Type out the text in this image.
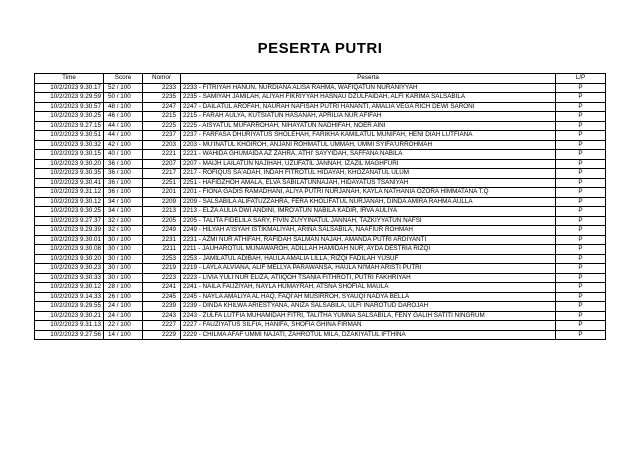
PESERTA PUTRI
Time	Score	Nomor	Peserta	L/P
10/2/2023 9.30.17	52 / 100	2233	2233 - FITRIYAH HANUN, NURDIANA ALISA RAHMA, WAFIQATUN NURANIYYAH	P
10/2/2023 9.29.59	50 / 100	2235	2235 - SAMIYAH JAMILAH, ALIYAH FIKRIYYAH HASNAU DZULFAIDAH, ALFI KARIMA SALSABILA	P
10/2/2023 9.30.57	48 / 100	2247	2247 - DAILATUL AROFAH, NAURAH NAFISAH PUTRI HANANTI, AMALIA VEGA RICH DEWI SARONI	P
10/2/2023 9.30.25	46 / 100	2215	2215 - FARAH AULYA, KUTSIATUN HASANAH, APRILIA NUR AFIFAH	P
10/2/2023 9.27.15	44 / 100	2225	2225 - AISYATUL MUFARROHAH, NIHAYATUN NADHIFAH, NOER AINI	P
10/2/2023 9.30.51	44 / 100	2237	2237 - FARFASA DHURIYATUS SHOLEHAH, FARIKHA KAMILATUL MUNIFAH, HENI DIAH LUTFIANA	P
10/2/2023 9.30.32	42 / 100	2203	2203 - MU'INATUL KHOIROH, ANJANI ROHMATUL UMMAH, UMMI SYIFA'URROHMAH	P
10/2/2023 9.30.15	40 / 100	2221	2221 - WAHIDA GHUMAIDA AZ ZAHRA, ATHI' SAYYIDAH, SAFFANA NABILA	P
10/2/2023 9.30.20	36 / 100	2207	2207 - MAIJH LAILATUN NAJIHAH, UZUFATIL JANNAH, IZAZIL MAGHFURI	P
10/2/2023 9.30.35	36 / 100	2217	2217 - ROFIQUS SA'ADAH, INDAH FITROTUL HIDAYAH, KHOZANATUL ULUM	P
10/2/2023 9.30.41	36 / 100	2251	2251 - HAFIDZHOH AMALA, ELVA SABILATUNNAJAH, HIDAYATUS TSANIYAH	P
10/2/2023 9.31.12	36 / 100	2201	2201 - FIONA GADIS RAMADHANI, ALIYA PUTRI NURJANAH, KAYLA NATHANIA OZORA HIMMATANA T.Q	P
10/2/2023 9.30.12	34 / 100	2209	2209 - SALSABILA ALIFATUZZAHRA, FERA KHOLIFATUL NURJANAH, DINDA AMIRA RAHMA AULLA	P
10/2/2023 9.30.25	34 / 100	2213	2213 - ELZA AULIA DWI ANDINI, IMRO'ATUN NABILA KADIR, IRVA AULIYA	P
10/2/2023 9.27.37	32 / 100	2205	2205 - TALITA FIDELILA SARY, FIVIN ZUYYINATUL JANNAH, TAZKIYYATUN NAFSI	P
10/2/2023 9.29.39	32 / 100	2249	2249 - HILYAH A'ISYAH ISTIKMALIYAH, ARINA SALSABILA, NAAFIUR ROHMAH	P
10/2/2023 9.30.01	30 / 100	2231	2231 - AZMI NUR ATHIFAH, RAFIDAH SALMAN NAJAH, AMANDA PUTRI ARDIYANTI	P
10/2/2023 9.30.08	30 / 100	2211	2211 - JAUHAROTUL MUNAWAROH, ADILLAH HAMIDAH NUR, AYDA DESTRIA RIZQI	P
10/2/2023 9.30.20	30 / 100	2253	2253 - JAMILATUL ADIBAH, HAULA AMALIA LILLA, RIZQI FADILAH YUSUF	P
10/2/2023 9.30.23	30 / 100	2219	2219 - LAYLA ALVIANA, ALIF MELLYA PARAWANSA, HAULA NI'MAH ARISTI PUTRI	P
10/2/2023 9.30.33	30 / 100	2223	2223 - LIVIA YULI NUR ELIZA, ATIIQOH TSANIA FITHROTI, PUTRI FAKHRIYAH	P
10/2/2023 9.30.12	28 / 100	2241	2241 - NAILA FAUZIYAH, NAYLA HUMAYRAH, ATSNA SHOFIAL MAULA	P
10/2/2023 9.14.33	26 / 100	2245	2245 - NAYLA AMALIYA AL HAQ, FAQI'AH MUSIRROH, SYAUQI NADYA BELLA	P
10/2/2023 9.29.55	24 / 100	2239	2239 - DINDA KHILWA ARIESTYANA, ANIZA SALSABILA, ULFI INAROTUD DAROJAH	P
10/2/2023 9.30.21	24 / 100	2243	2243 - ZULFA LUTFIA MUHAMIDAH FITRI, TALITHA YUMNA SALSABILA, FENY GALIH SATITI NINGRUM	P
10/2/2023 9.31.13	22 / 100	2227	2227 - FAUZIYATUS SILFIA, HANIFA, SHOFIA GHINA FIRMAN	P
10/2/2023 9.27.56	14 / 100	2229	2229 - CHILMA AFAF UMMI NAJATI, ZAHROTUL MILA, DZAKIYATUL IFTHINA	P
